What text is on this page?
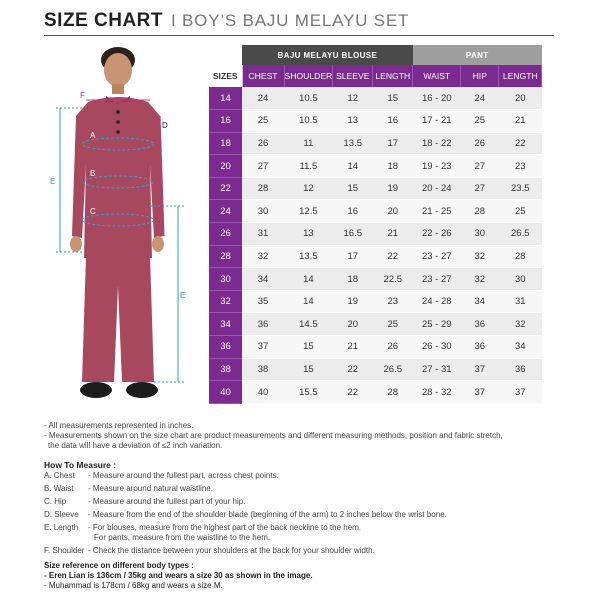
SIZE CHART I BOY’S BAJU MELAYU SET
A
B
C
D
E
E
F
	BAJU MELAYU BLOUSE				PANT		
SIZES	CHEST	SHOULDER	SLEEVE	LENGTH	WAIST	HIP	LENGTH
14	24	10.5	12	15	16 - 20	24	20
16	25	10.5	13	16	17 - 21	25	21
18	26	11	13.5	17	18 - 22	26	22
20	27	11.5	14	18	19 - 23	27	23
22	28	12	15	19	20 - 24	27	23.5
24	30	12.5	16	20	21 - 25	28	25
26	31	13	16.5	21	22 - 26	30	26.5
28	32	13.5	17	22	23 - 27	32	28
30	34	14	18	22.5	23 - 27	32	30
32	35	14	19	23	24 - 28	34	31
34	36	14.5	20	25	25 - 29	36	32
36	37	15	21	26	26 - 30	36	34
38	38	15	22	26.5	27 - 31	37	36
40	40	15.5	22	28	28 - 32	37	37
- All measurements represented in inches.
- Measurements shown on the size chart are product measurements and different measuring methods, position and fabric stretch,
the data will have a deviation of ≤2 inch variation.
How To Measure :
A. Chest	- Measure around the fullest part, across chest points.
B. Waist	- Measure around natural waistline.
C. Hip	- Measure around the fullest part of your hip.
D. Sleeve	- Measure from the end of the shoulder blade (beginning of the arm) to 2 inches below the wrist bone.
E. Length	- For blouses, measure from the highest part of the back neckline to the hem.
For pants, measure from the waistline to the hem.
F. Shoulder - Check the distance between your shoulders at the back for your shoulder width.
Size reference on different body types :
- Eren Lian is 136cm / 35kg and wears a size 30 as shown in the image.
- Muhammad is 178cm / 68kg and wears a size M.
